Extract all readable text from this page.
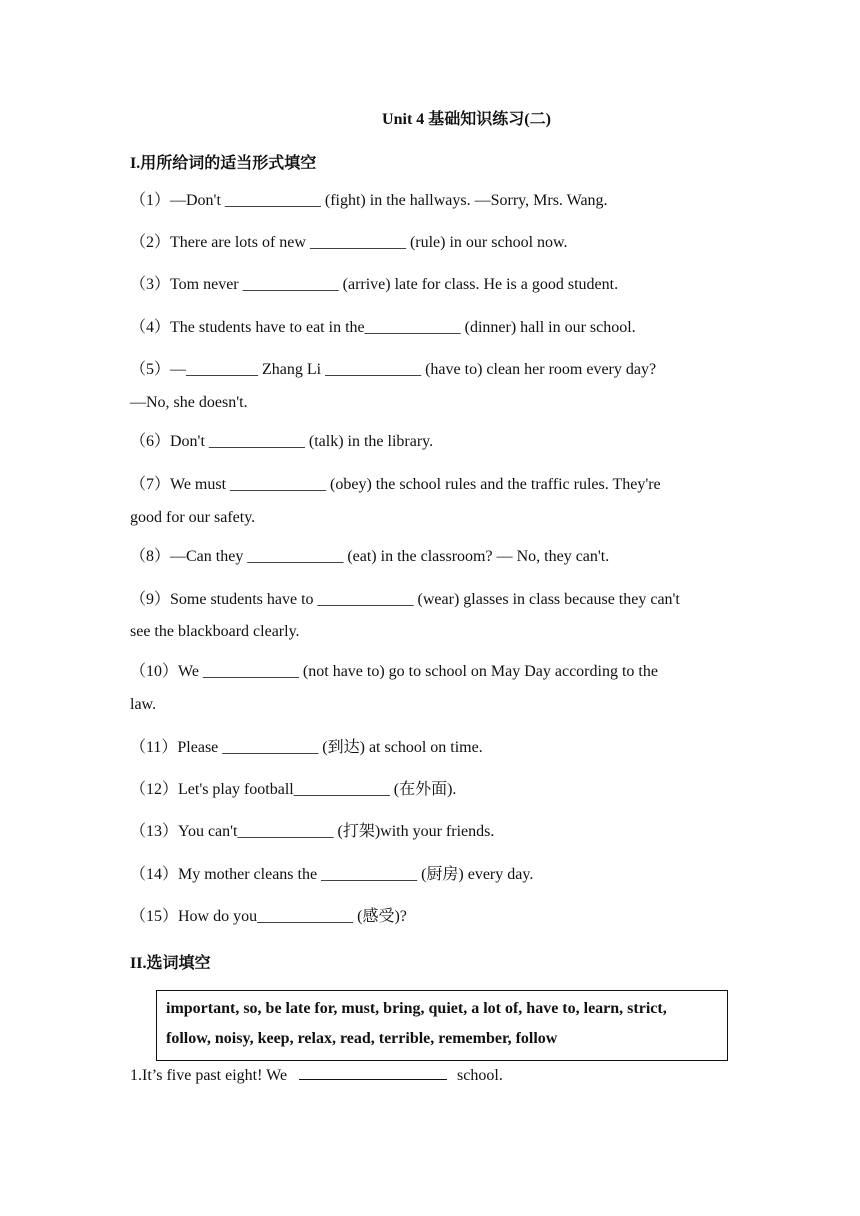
Unit 4 基础知识练习(二)
I.用所给词的适当形式填空
（1）—Don't ____________ (fight) in the hallways. —Sorry, Mrs. Wang.
（2）There are lots of new ____________ (rule) in our school now.
（3）Tom never ____________ (arrive) late for class. He is a good student.
（4）The students have to eat in the____________ (dinner) hall in our school.
（5）—_________ Zhang Li ____________ (have to) clean her room every day?
—No, she doesn't.
（6）Don't ____________ (talk) in the library.
（7）We must ____________ (obey) the school rules and the traffic rules. They're
good for our safety.
（8）—Can they ____________ (eat) in the classroom? — No, they can't.
（9）Some students have to ____________ (wear) glasses in class because they can't
see the blackboard clearly.
（10）We ____________ (not have to) go to school on May Day according to the
law.
（11）Please ____________ (到达) at school on time.
（12）Let's play football____________ (在外面).
（13）You can't____________ (打架)with your friends.
（14）My mother cleans the ____________ (厨房) every day.
（15）How do you____________ (感受)?
II.选词填空
important, so, be late for, must, bring, quiet, a lot of, have to, learn, strict,
follow, noisy, keep, relax, read, terrible, remember, follow
1.It’s five past eight! We	school.
